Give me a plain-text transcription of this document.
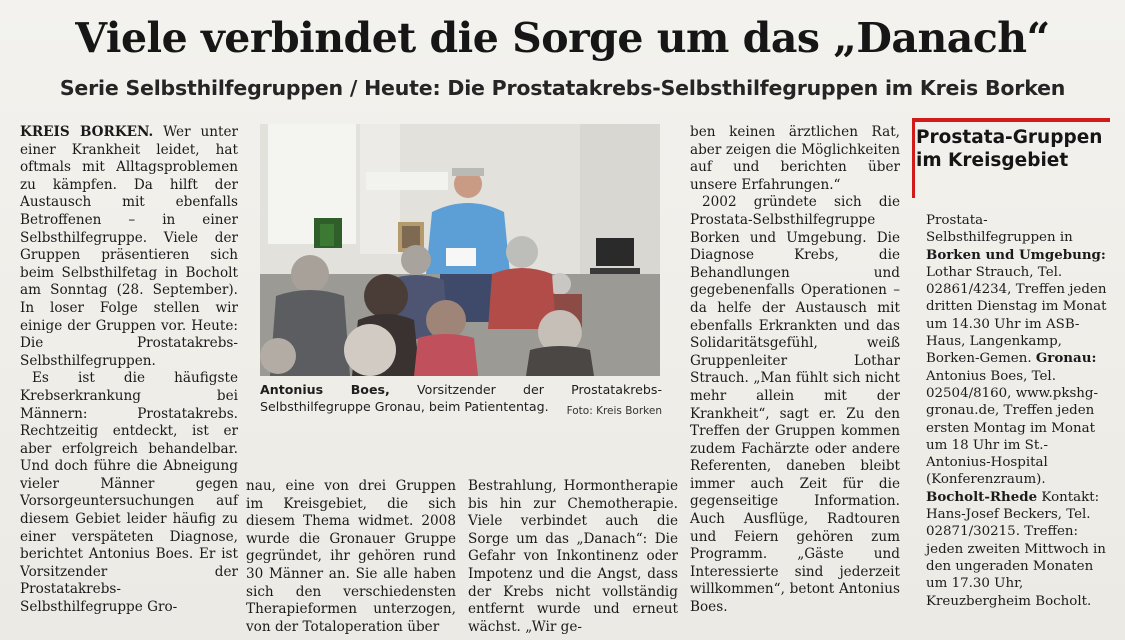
Viele verbindet die Sorge um das „Danach“
Serie Selbsthilfegruppen / Heute: Die Prostatakrebs-Selbsthilfegruppen im Kreis Borken

KREIS BORKEN. Wer unter einer Krankheit leidet, hat oftmals mit Alltagsproblemen zu kämpfen. Da hilft der Austausch mit ebenfalls Betroffenen – in einer Selbsthilfegruppe. Viele der Gruppen präsentieren sich beim Selbsthilfetag in Bocholt am Sonntag (28. September). In loser Folge stellen wir einige der Gruppen vor. Heute: Die Prostatakrebs-Selbsthilfegruppen.

Es ist die häufigste Krebserkrankung bei Männern: Prostatakrebs. Rechtzeitig entdeckt, ist er aber erfolgreich behandelbar. Und doch führe die Abneigung vieler Männer gegen Vorsorgeuntersuchungen auf diesem Gebiet leider häufig zu einer verspäteten Diagnose, berichtet Antonius Boes. Er ist Vorsitzender der Prostatakrebs-Selbsthilfegruppe Gro-

Antonius Boes, Vorsitzender der Prostatakrebs-Selbsthilfegruppe Gronau, beim Patiententag.	Foto: Kreis Borken

nau, eine von drei Gruppen im Kreisgebiet, die sich diesem Thema widmet. 2008 wurde die Gronauer Gruppe gegründet, ihr gehören rund 30 Männer an. Sie alle haben sich den verschiedensten Therapieformen unterzogen, von der Totaloperation über

Bestrahlung, Hormontherapie bis hin zur Chemotherapie. Viele verbindet auch die Sorge um das „Danach“: Die Gefahr von Inkontinenz oder Impotenz und die Angst, dass der Krebs nicht vollständig entfernt wurde und erneut wächst. „Wir ge-

ben keinen ärztlichen Rat, aber zeigen die Möglichkeiten auf und berichten über unsere Erfahrungen.“

2002 gründete sich die Prostata-Selbsthilfegruppe Borken und Umgebung. Die Diagnose Krebs, die Behandlungen und gegebenenfalls Operationen – da helfe der Austausch mit ebenfalls Erkrankten und das Solidaritätsgefühl, weiß Gruppenleiter Lothar Strauch. „Man fühlt sich nicht mehr allein mit der Krankheit“, sagt er. Zu den Treffen der Gruppen kommen zudem Fachärzte oder andere Referenten, daneben bleibt immer auch Zeit für die gegenseitige Information. Auch Ausflüge, Radtouren und Feiern gehören zum Programm. „Gäste und Interessierte sind jederzeit willkommen“, betont Antonius Boes.

Prostata-Gruppen
im Kreisgebiet
Prostata-Selbsthilfegruppen in Borken und Umgebung: Lothar Strauch, Tel. 02861/4234, Treffen jeden dritten Dienstag im Monat um 14.30 Uhr im ASB-Haus, Langenkamp, Borken-Gemen. Gronau: Antonius Boes, Tel. 02504/8160, www.pkshg-gronau.de, Treffen jeden ersten Montag im Monat um 18 Uhr im St.-Antonius-Hospital (Konferenzraum). Bocholt-Rhede Kontakt: Hans-Josef Beckers, Tel. 02871/30215. Treffen: jeden zweiten Mittwoch in den ungeraden Monaten um 17.30 Uhr, Kreuzbergheim Bocholt.
